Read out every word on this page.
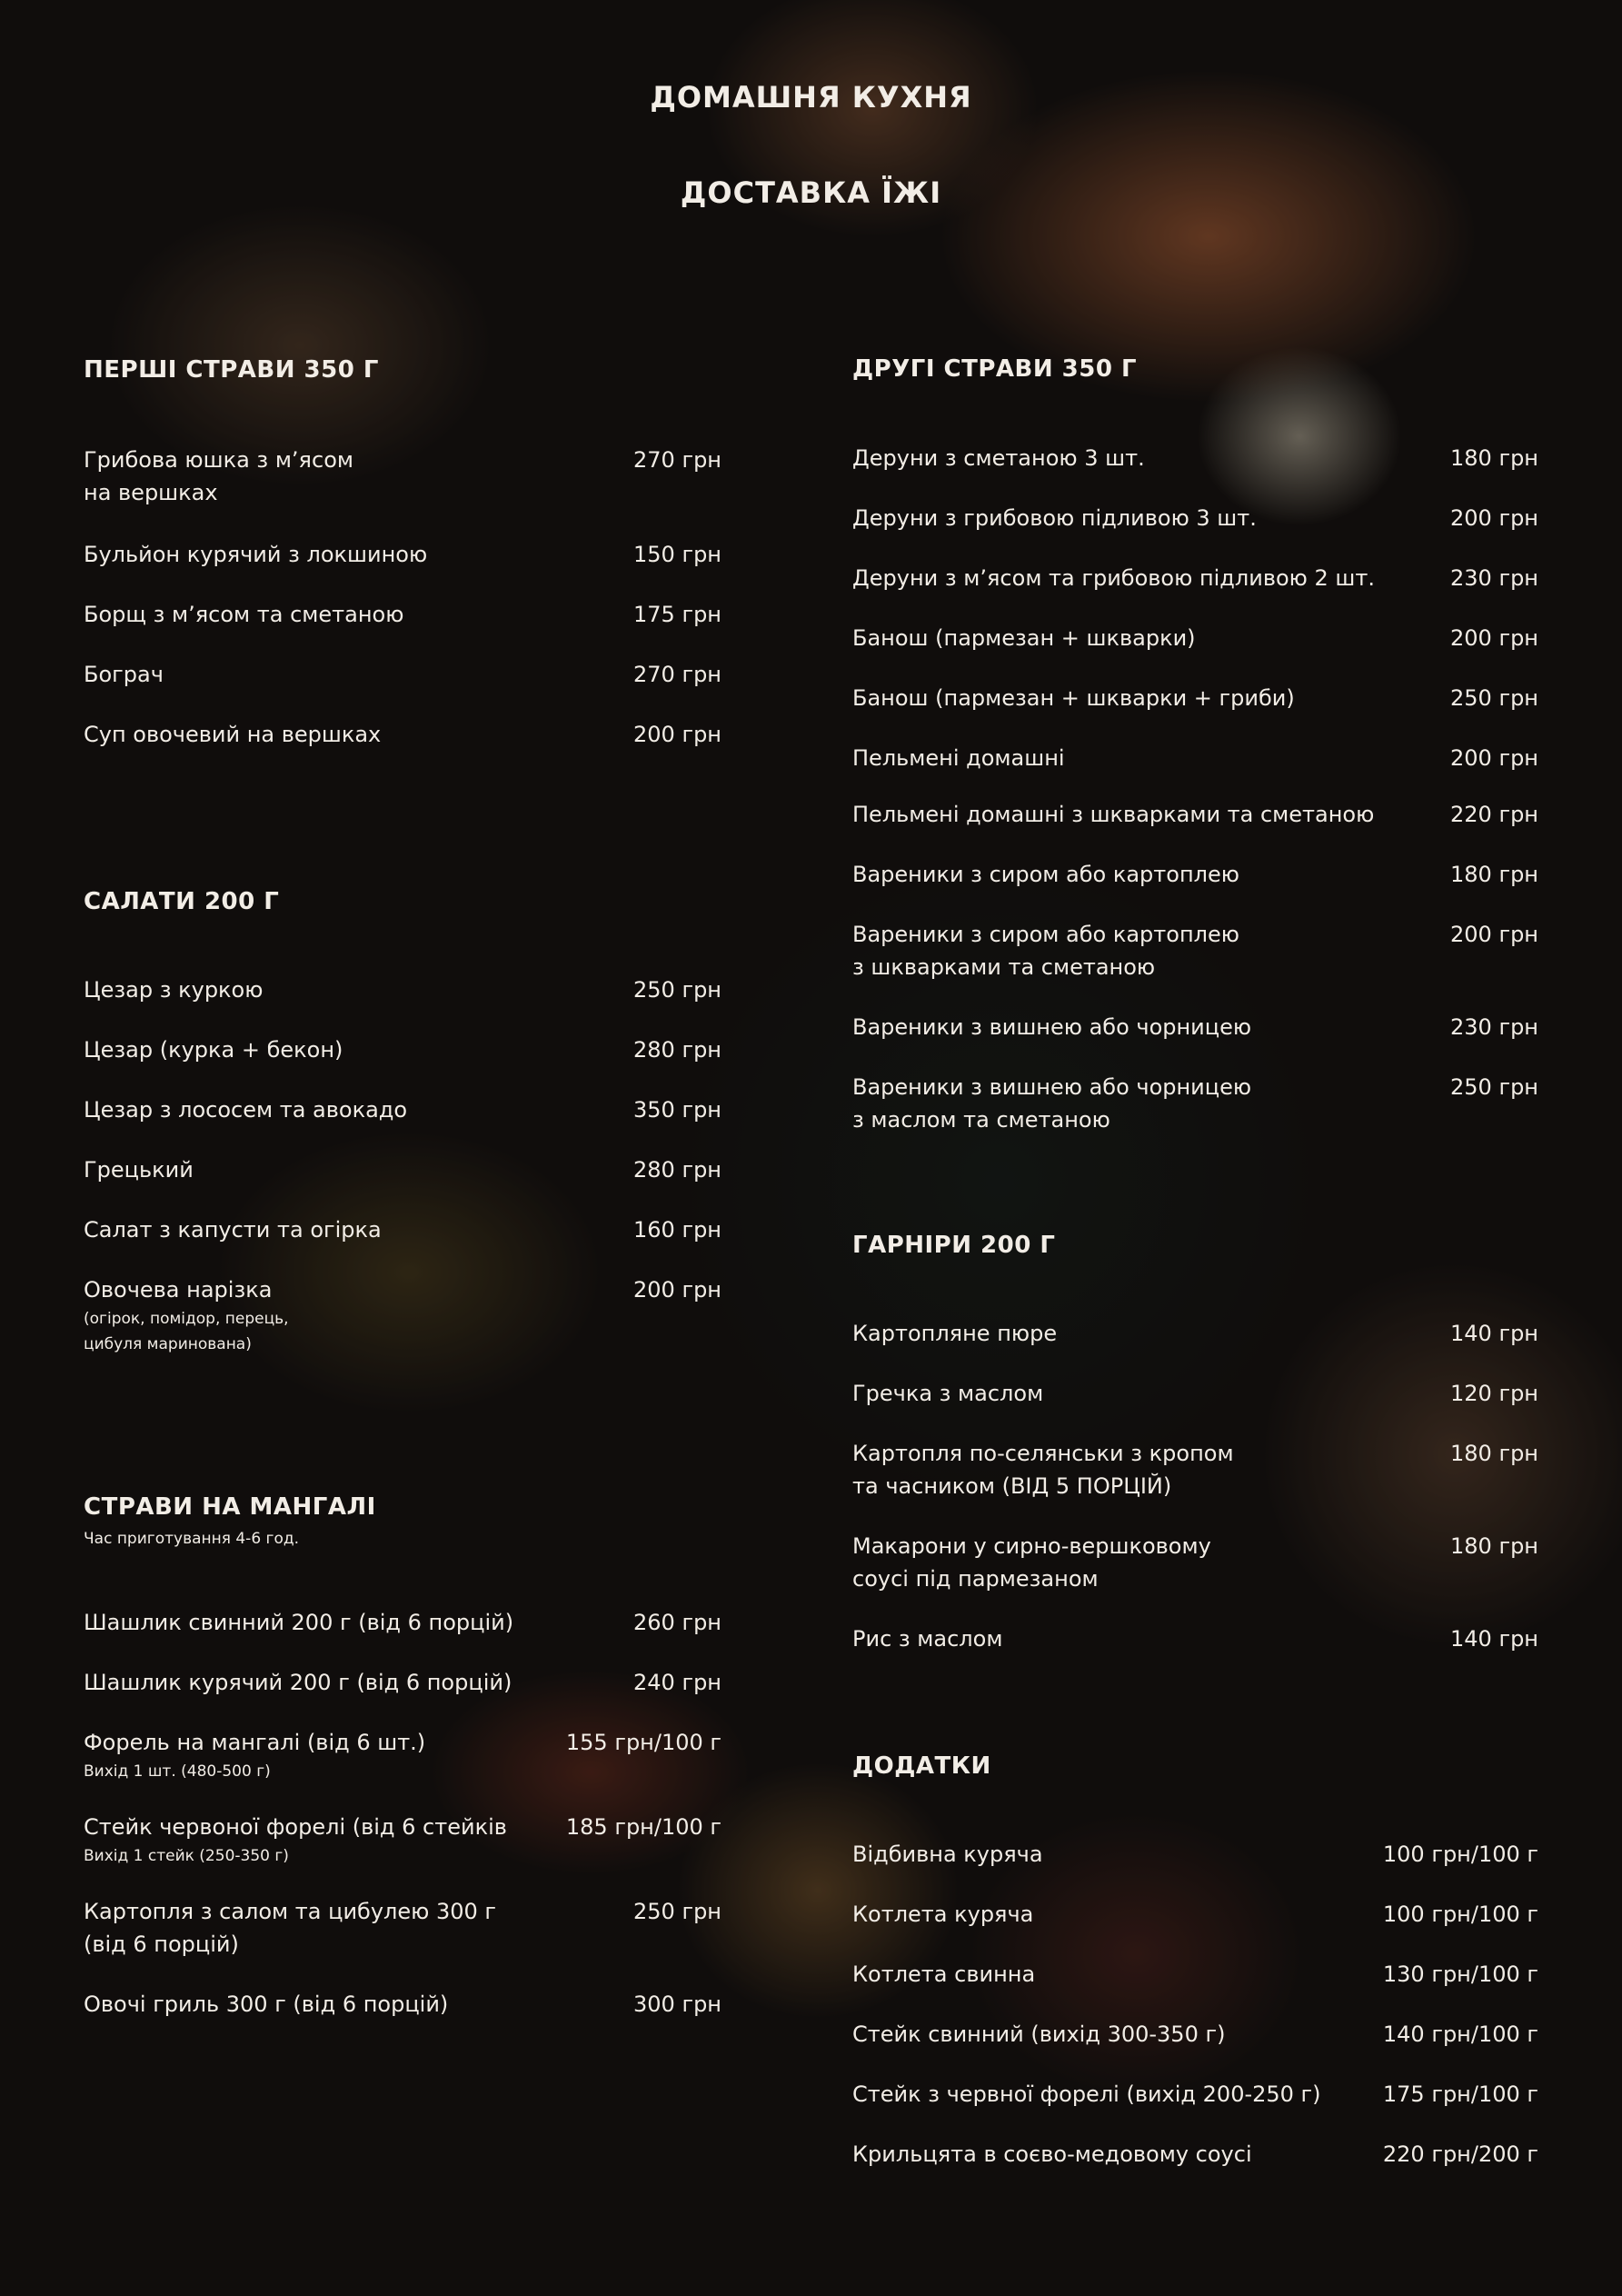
ДОМАШНЯ КУХНЯ
ДОСТАВКА ЇЖІ
ПЕРШІ СТРАВИ 350 Г
САЛАТИ 200 Г
СТРАВИ НА МАНГАЛІ
Час приготування 4-6 год.
Грибова юшка з м’ясом
на вершках
270 грн
Бульйон курячий з локшиною	150 грн
Борщ з м’ясом та сметаною	175 грн
Бограч	270 грн
Суп овочевий на вершках	200 грн
Цезар з куркою	250 грн
Цезар (курка + бекон)	280 грн
Цезар з лососем та авокадо	350 грн
Грецький	280 грн
Салат з капусти та огірка	160 грн
Овочева нарізка
(огірок, помідор, перець,
цибуля маринована)
200 грн
Шашлик свинний 200 г (від 6 порцій)	260 грн
Шашлик курячий 200 г (від 6 порцій)	240 грн
Форель на мангалі (від 6 шт.)
Вихід 1 шт. (480-500 г)
155 грн/100 г
Стейк червоної форелі (від 6 стейків
Вихід 1 стейк (250-350 г)
185 грн/100 г
Картопля з салом та цибулею 300 г
(від 6 порцій)
250 грн
Овочі гриль 300 г (від 6 порцій)	300 грн
ДРУГІ СТРАВИ 350 Г
ГАРНІРИ 200 Г
ДОДАТКИ
Деруни з сметаною 3 шт.	180 грн
Деруни з грибовою підливою 3 шт.	200 грн
Деруни з м’ясом та грибовою підливою 2 шт.	230 грн
Банош (пармезан + шкварки)	200 грн
Банош (пармезан + шкварки + гриби)	250 грн
Пельмені домашні	200 грн
Пельмені домашні з шкварками та сметаною	220 грн
Вареники з сиром або картоплею	180 грн
Вареники з сиром або картоплею
з шкварками та сметаною
200 грн
Вареники з вишнею або чорницею	230 грн
Вареники з вишнею або чорницею
з маслом та сметаною
250 грн
Картопляне пюре	140 грн
Гречка з маслом	120 грн
Картопля по-селянськи з кропом
та часником (ВІД 5 ПОРЦІЙ)
180 грн
Макарони у сирно-вершковому
соусі під пармезаном
180 грн
Рис з маслом	140 грн
Відбивна куряча	100 грн/100 г
Котлета куряча	100 грн/100 г
Котлета свинна	130 грн/100 г
Стейк свинний (вихід 300-350 г)	140 грн/100 г
Стейк з червної форелі (вихід 200-250 г)	175 грн/100 г
Крильцята в соєво-медовому соусі	220 грн/200 г
